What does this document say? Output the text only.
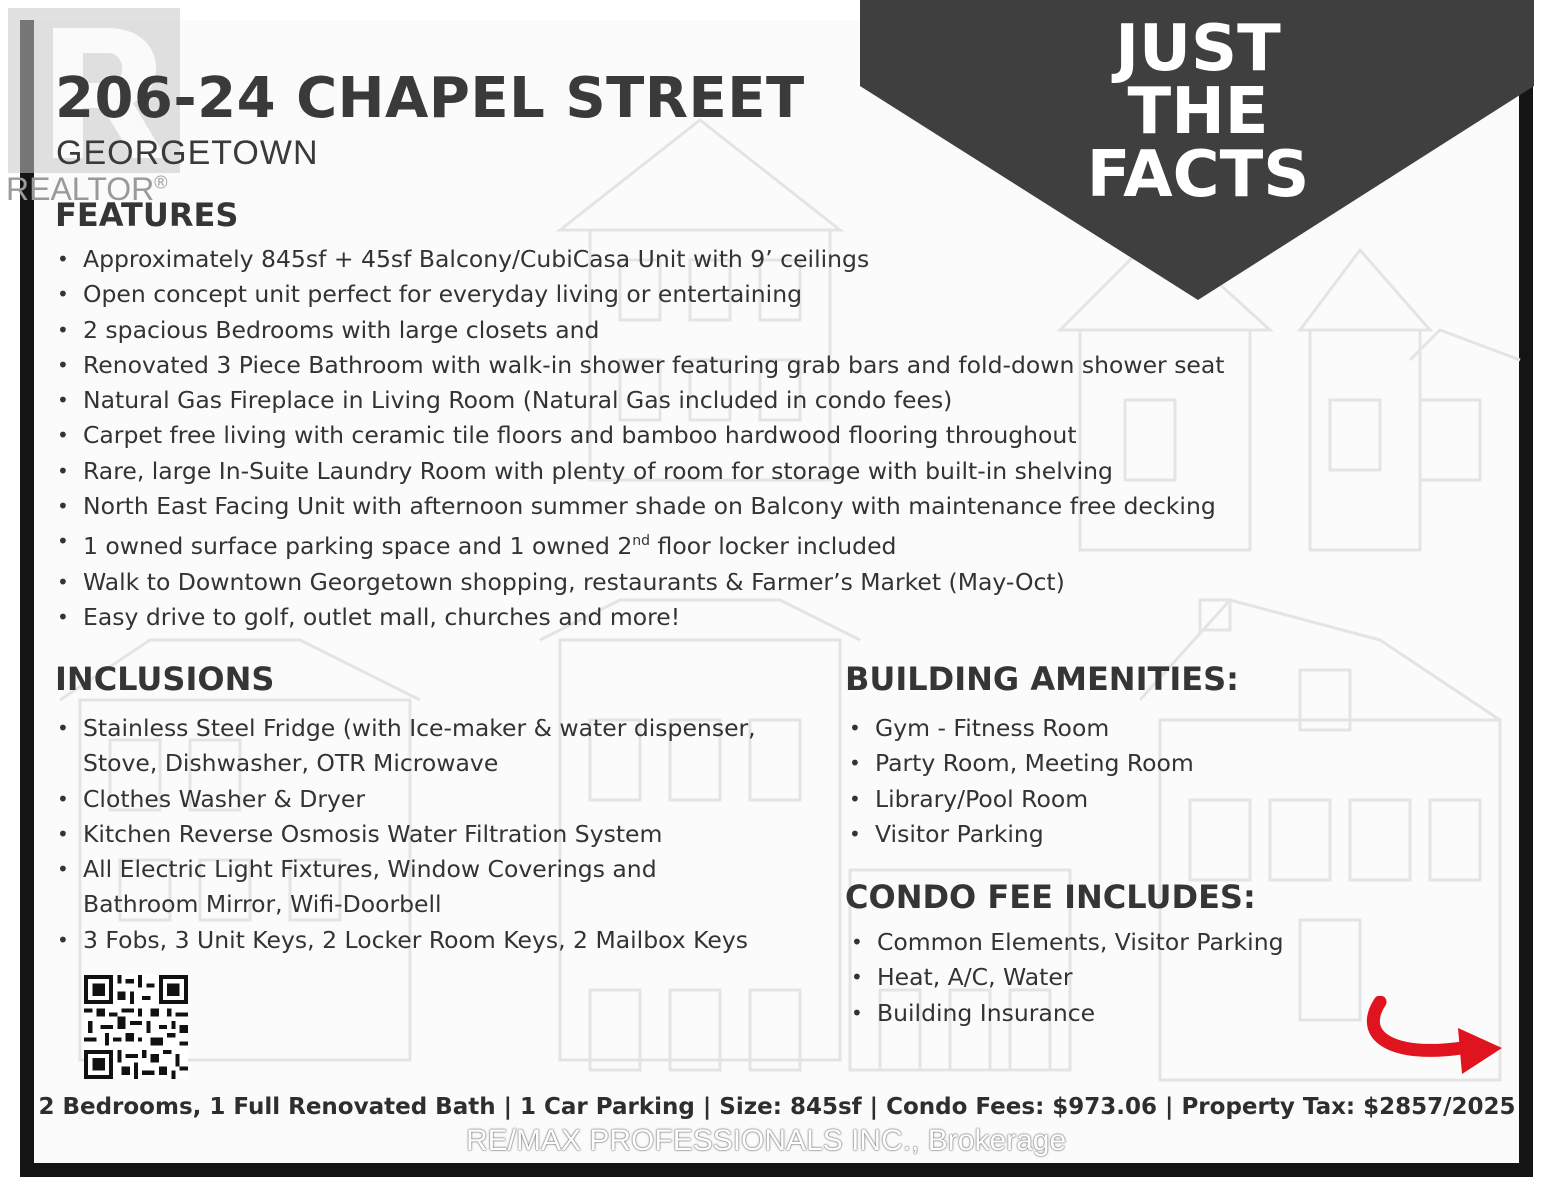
REALTOR®
JUST
THE
FACTS
206-24 CHAPEL STREET
GEORGETOWN
FEATURES
• Approximately 845sf + 45sf Balcony/CubiCasa Unit with 9’ ceilings
• Open concept unit perfect for everyday living or entertaining
• 2 spacious Bedrooms with large closets and
• Renovated 3 Piece Bathroom with walk-in shower featuring grab bars and fold-down shower seat
• Natural Gas Fireplace in Living Room (Natural Gas included in condo fees)
• Carpet free living with ceramic tile floors and bamboo hardwood flooring throughout
• Rare, large In-Suite Laundry Room with plenty of room for storage with built-in shelving
• North East Facing Unit with afternoon summer shade on Balcony with maintenance free decking
• 1 owned surface parking space and 1 owned 2nd floor locker included
• Walk to Downtown Georgetown shopping, restaurants & Farmer’s Market (May-Oct)
• Easy drive to golf, outlet mall, churches and more!
INCLUSIONS
• Stainless Steel Fridge (with Ice-maker & water dispenser, Stove, Dishwasher, OTR Microwave
• Clothes Washer & Dryer
• Kitchen Reverse Osmosis Water Filtration System
• All Electric Light Fixtures, Window Coverings and Bathroom Mirror, Wifi-Doorbell
• 3 Fobs, 3 Unit Keys, 2 Locker Room Keys, 2 Mailbox Keys
BUILDING AMENITIES:
• Gym - Fitness Room
• Party Room, Meeting Room
• Library/Pool Room
• Visitor Parking
CONDO FEE INCLUDES:
• Common Elements, Visitor Parking
• Heat, A/C, Water
• Building Insurance
2 Bedrooms, 1 Full Renovated Bath | 1 Car Parking | Size: 845sf | Condo Fees: $973.06 | Property Tax: $2857/2025
RE/MAX PROFESSIONALS INC., Brokerage
